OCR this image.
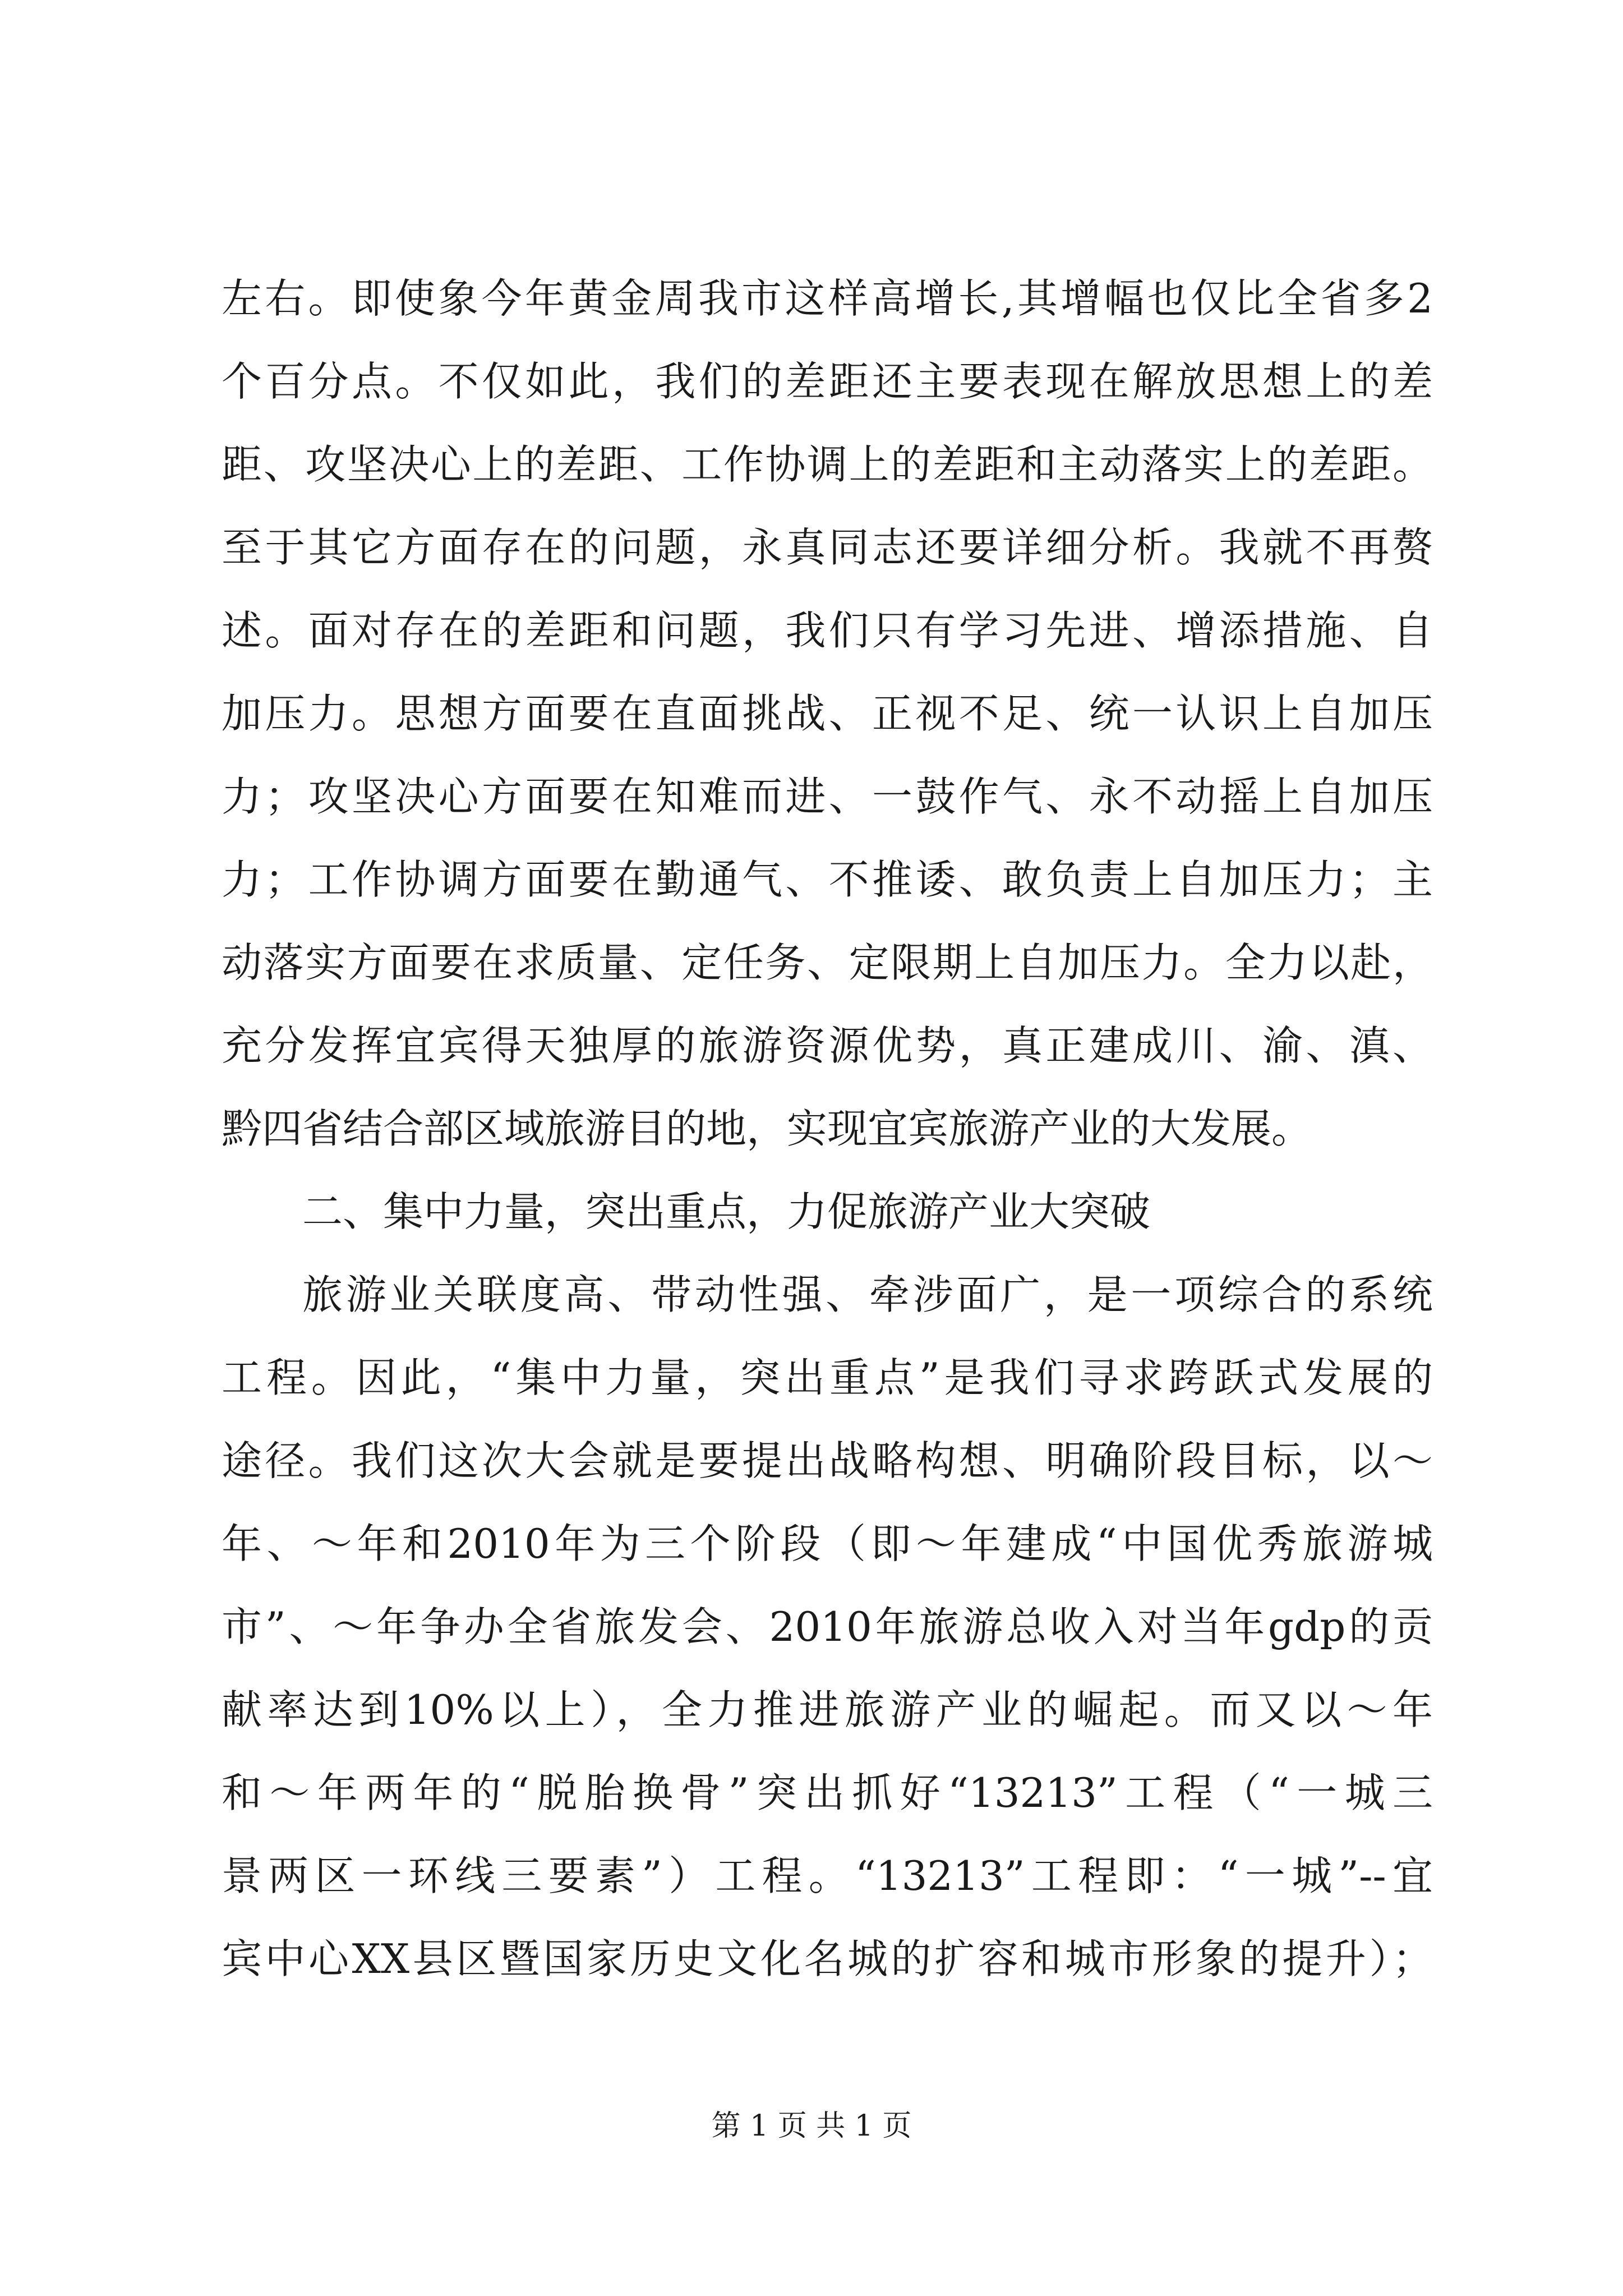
左右。即使象今年黄金周我市这样高增长,其增幅也仅比全省多2
个百分点。不仅如此，我们的差距还主要表现在解放思想上的差
距、攻坚决心上的差距、工作协调上的差距和主动落实上的差距。
至于其它方面存在的问题，永真同志还要详细分析。我就不再赘
述。面对存在的差距和问题，我们只有学习先进、增添措施、自
加压力。思想方面要在直面挑战、正视不足、统一认识上自加压
力；攻坚决心方面要在知难而进、一鼓作气、永不动摇上自加压
力；工作协调方面要在勤通气、不推诿、敢负责上自加压力；主
动落实方面要在求质量、定任务、定限期上自加压力。全力以赴，
充分发挥宜宾得天独厚的旅游资源优势，真正建成川、渝、滇、
黔四省结合部区域旅游目的地，实现宜宾旅游产业的大发展。
二、集中力量，突出重点，力促旅游产业大突破
旅游业关联度高、带动性强、牵涉面广，是一项综合的系统
工程。因此，“集中力量，突出重点”是我们寻求跨跃式发展的
途径。我们这次大会就是要提出战略构想、明确阶段目标，以～
年、～年和2010年为三个阶段（即～年建成“中国优秀旅游城
市”、～年争办全省旅发会、2010年旅游总收入对当年gdp的贡
献率达到10%以上），全力推进旅游产业的崛起。而又以～年
和～年两年的“脱胎换骨”突出抓好“13213”工程（“一城三
景两区一环线三要素”）工程。“13213”工程即：“一城”--宜
宾中心XX县区暨国家历史文化名城的扩容和城市形象的提升）；
第 1 页 共 1 页
